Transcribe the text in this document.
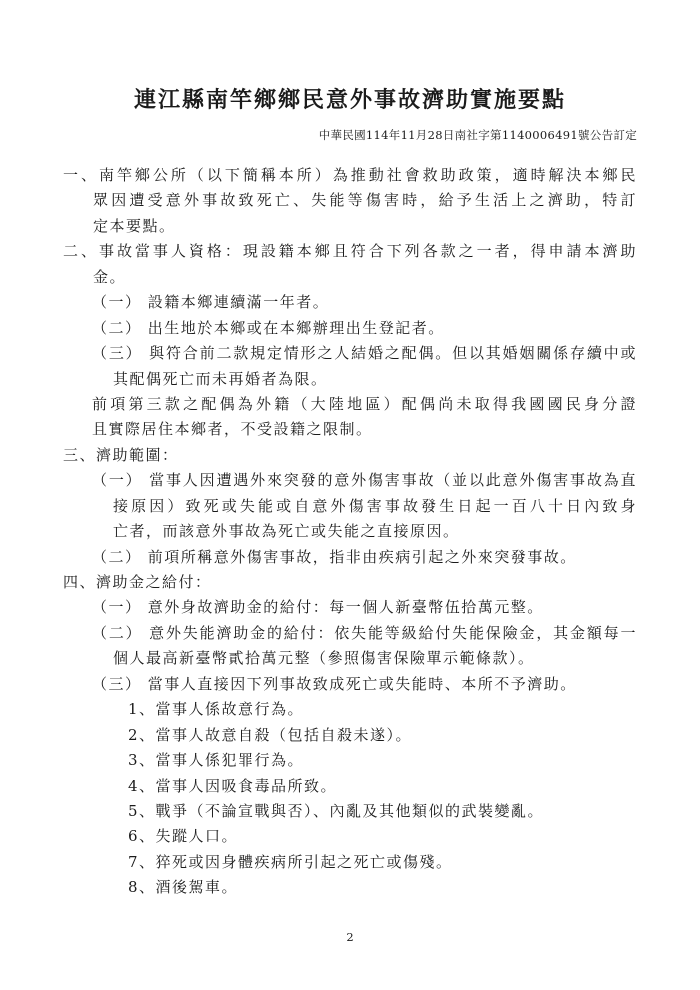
連江縣南竿鄉鄉民意外事故濟助實施要點
中華民國114年11月28日南社字第1140006491號公告訂定
一、南竿鄉公所（以下簡稱本所）為推動社會救助政策，適時解決本鄉民
眾因遭受意外事故致死亡、失能等傷害時，給予生活上之濟助，特訂
定本要點。
二、事故當事人資格：現設籍本鄉且符合下列各款之一者，得申請本濟助
金。
（一） 設籍本鄉連續滿一年者。
（二） 出生地於本鄉或在本鄉辦理出生登記者。
（三） 與符合前二款規定情形之人結婚之配偶。但以其婚姻關係存續中或
其配偶死亡而未再婚者為限。
前項第三款之配偶為外籍（大陸地區）配偶尚未取得我國國民身分證
且實際居住本鄉者，不受設籍之限制。
三、濟助範圍：
（一） 當事人因遭遇外來突發的意外傷害事故（並以此意外傷害事故為直
接原因）致死或失能或自意外傷害事故發生日起一百八十日內致身
亡者，而該意外事故為死亡或失能之直接原因。
（二） 前項所稱意外傷害事故，指非由疾病引起之外來突發事故。
四、濟助金之給付：
（一） 意外身故濟助金的給付：每一個人新臺幣伍拾萬元整。
（二） 意外失能濟助金的給付：依失能等級給付失能保險金，其金額每一
個人最高新臺幣貳拾萬元整（參照傷害保險單示範條款）。
（三） 當事人直接因下列事故致成死亡或失能時、本所不予濟助。
1、當事人係故意行為。
2、當事人故意自殺（包括自殺未遂）。
3、當事人係犯罪行為。
4、當事人因吸食毒品所致。
5、戰爭（不論宣戰與否）、內亂及其他類似的武裝變亂。
6、失蹤人口。
7、猝死或因身體疾病所引起之死亡或傷殘。
8、酒後駕車。
2
